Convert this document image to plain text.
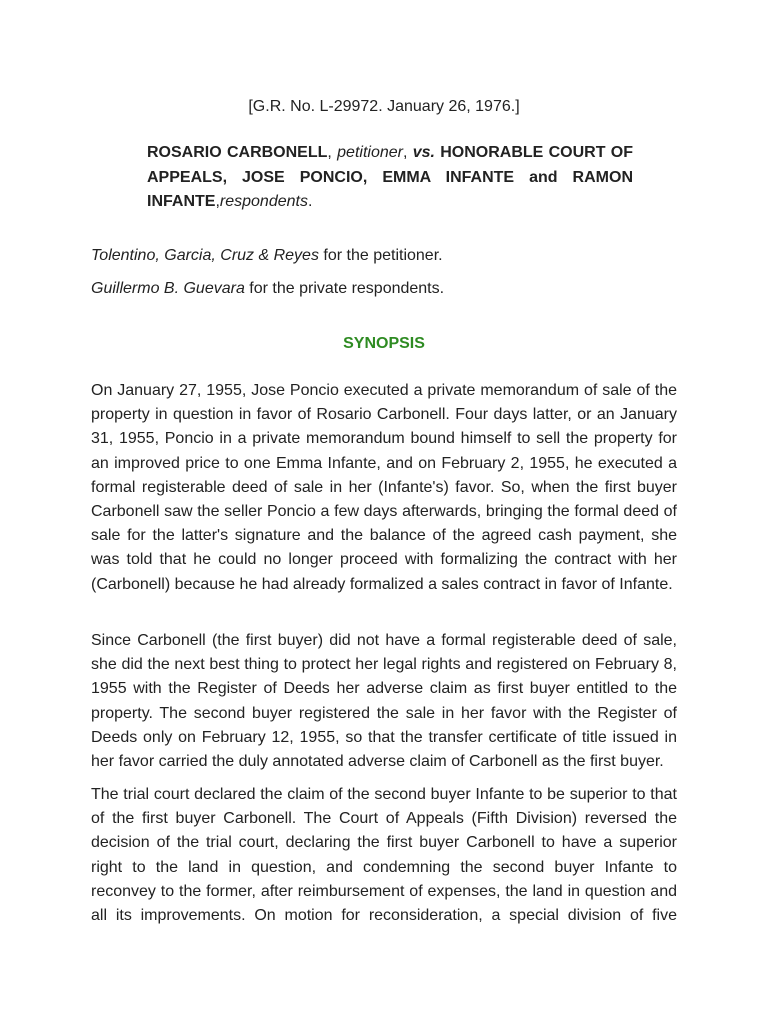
[G.R. No. L-29972. January 26, 1976.]

ROSARIO CARBONELL, petitioner, vs. HONORABLE COURT OF APPEALS, JOSE PONCIO, EMMA INFANTE and RAMON INFANTE,respondents.

Tolentino, Garcia, Cruz & Reyes for the petitioner.

Guillermo B. Guevara for the private respondents.

SYNOPSIS

On January 27, 1955, Jose Poncio executed a private memorandum of sale of the property in question in favor of Rosario Carbonell. Four days latter, or an January 31, 1955, Poncio in a private memorandum bound himself to sell the property for an improved price to one Emma Infante, and on February 2, 1955, he executed a formal registerable deed of sale in her (Infante's) favor. So, when the first buyer Carbonell saw the seller Poncio a few days afterwards, bringing the formal deed of sale for the latter's signature and the balance of the agreed cash payment, she was told that he could no longer proceed with formalizing the contract with her (Carbonell) because he had already formalized a sales contract in favor of Infante.

Since Carbonell (the first buyer) did not have a formal registerable deed of sale, she did the next best thing to protect her legal rights and registered on February 8, 1955 with the Register of Deeds her adverse claim as first buyer entitled to the property. The second buyer registered the sale in her favor with the Register of Deeds only on February 12, 1955, so that the transfer certificate of title issued in her favor carried the duly annotated adverse claim of Carbonell as the first buyer.

The trial court declared the claim of the second buyer Infante to be superior to that of the first buyer Carbonell. The Court of Appeals (Fifth Division) reversed the decision of the trial court, declaring the first buyer Carbonell to have a superior right to the land in question, and condemning the second buyer Infante to reconvey to the former, after reimbursement of expenses, the land in question and all its improvements. On motion for reconsideration, a special division of five
